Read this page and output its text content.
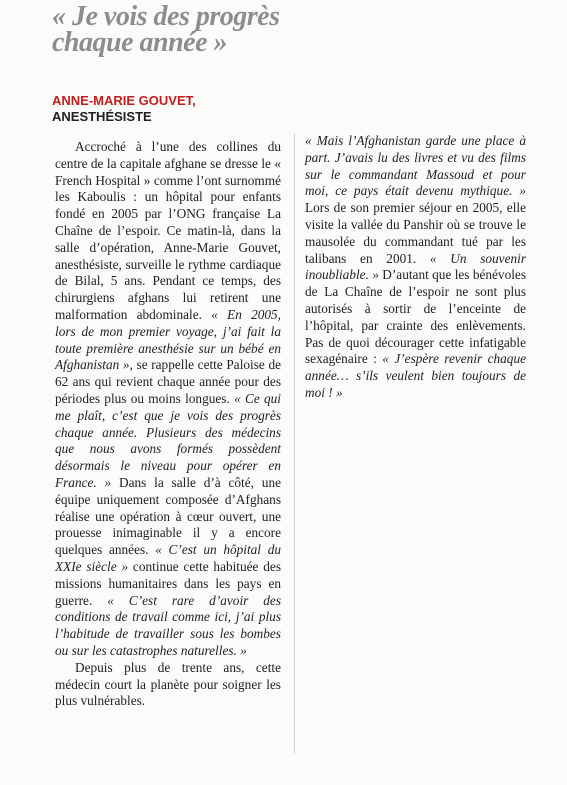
« Je vois des progrès chaque année »
ANNE-MARIE GOUVET,
ANESTHÉSISTE

Accroché à l’une des collines du centre de la capitale afghane se dresse le « French Hospital » comme l’ont surnommé les Kaboulis : un hôpital pour enfants fondé en 2005 par l’ONG française La Chaîne de l’espoir. Ce matin-là, dans la salle d’opération, Anne-Marie Gouvet, anesthésiste, surveille le rythme cardiaque de Bilal, 5 ans. Pendant ce temps, des chirurgiens afghans lui retirent une malformation abdominale. « En 2005, lors de mon premier voyage, j’ai fait la toute première anesthésie sur un bébé en Afghanistan », se rappelle cette Paloise de 62 ans qui revient chaque année pour des périodes plus ou moins longues. « Ce qui me plaît, c’est que je vois des progrès chaque année. Plusieurs des médecins que nous avons formés possèdent désormais le niveau pour opérer en France. » Dans la salle d’à côté, une équipe uniquement composée d’Afghans réalise une opération à cœur ouvert, une prouesse inimaginable il y a encore quelques années. « C’est un hôpital du XXIe siècle » continue cette habituée des missions humanitaires dans les pays en guerre. « C’est rare d’avoir des conditions de travail comme ici, j’ai plus l’habitude de travailler sous les bombes ou sur les catastrophes naturelles. »

Depuis plus de trente ans, cette médecin court la planète pour soigner les plus vulnérables.

« Mais l’Afghanistan garde une place à part. J’avais lu des livres et vu des films sur le commandant Massoud et pour moi, ce pays était devenu mythique. » Lors de son premier séjour en 2005, elle visite la vallée du Panshir où se trouve le mausolée du commandant tué par les talibans en 2001. « Un souvenir inoubliable. » D’autant que les bénévoles de La Chaîne de l’espoir ne sont plus autorisés à sortir de l’enceinte de l’hôpital, par crainte des enlèvements. Pas de quoi décourager cette infatigable sexagénaire : « J’espère revenir chaque année… s’ils veulent bien toujours de moi ! »
